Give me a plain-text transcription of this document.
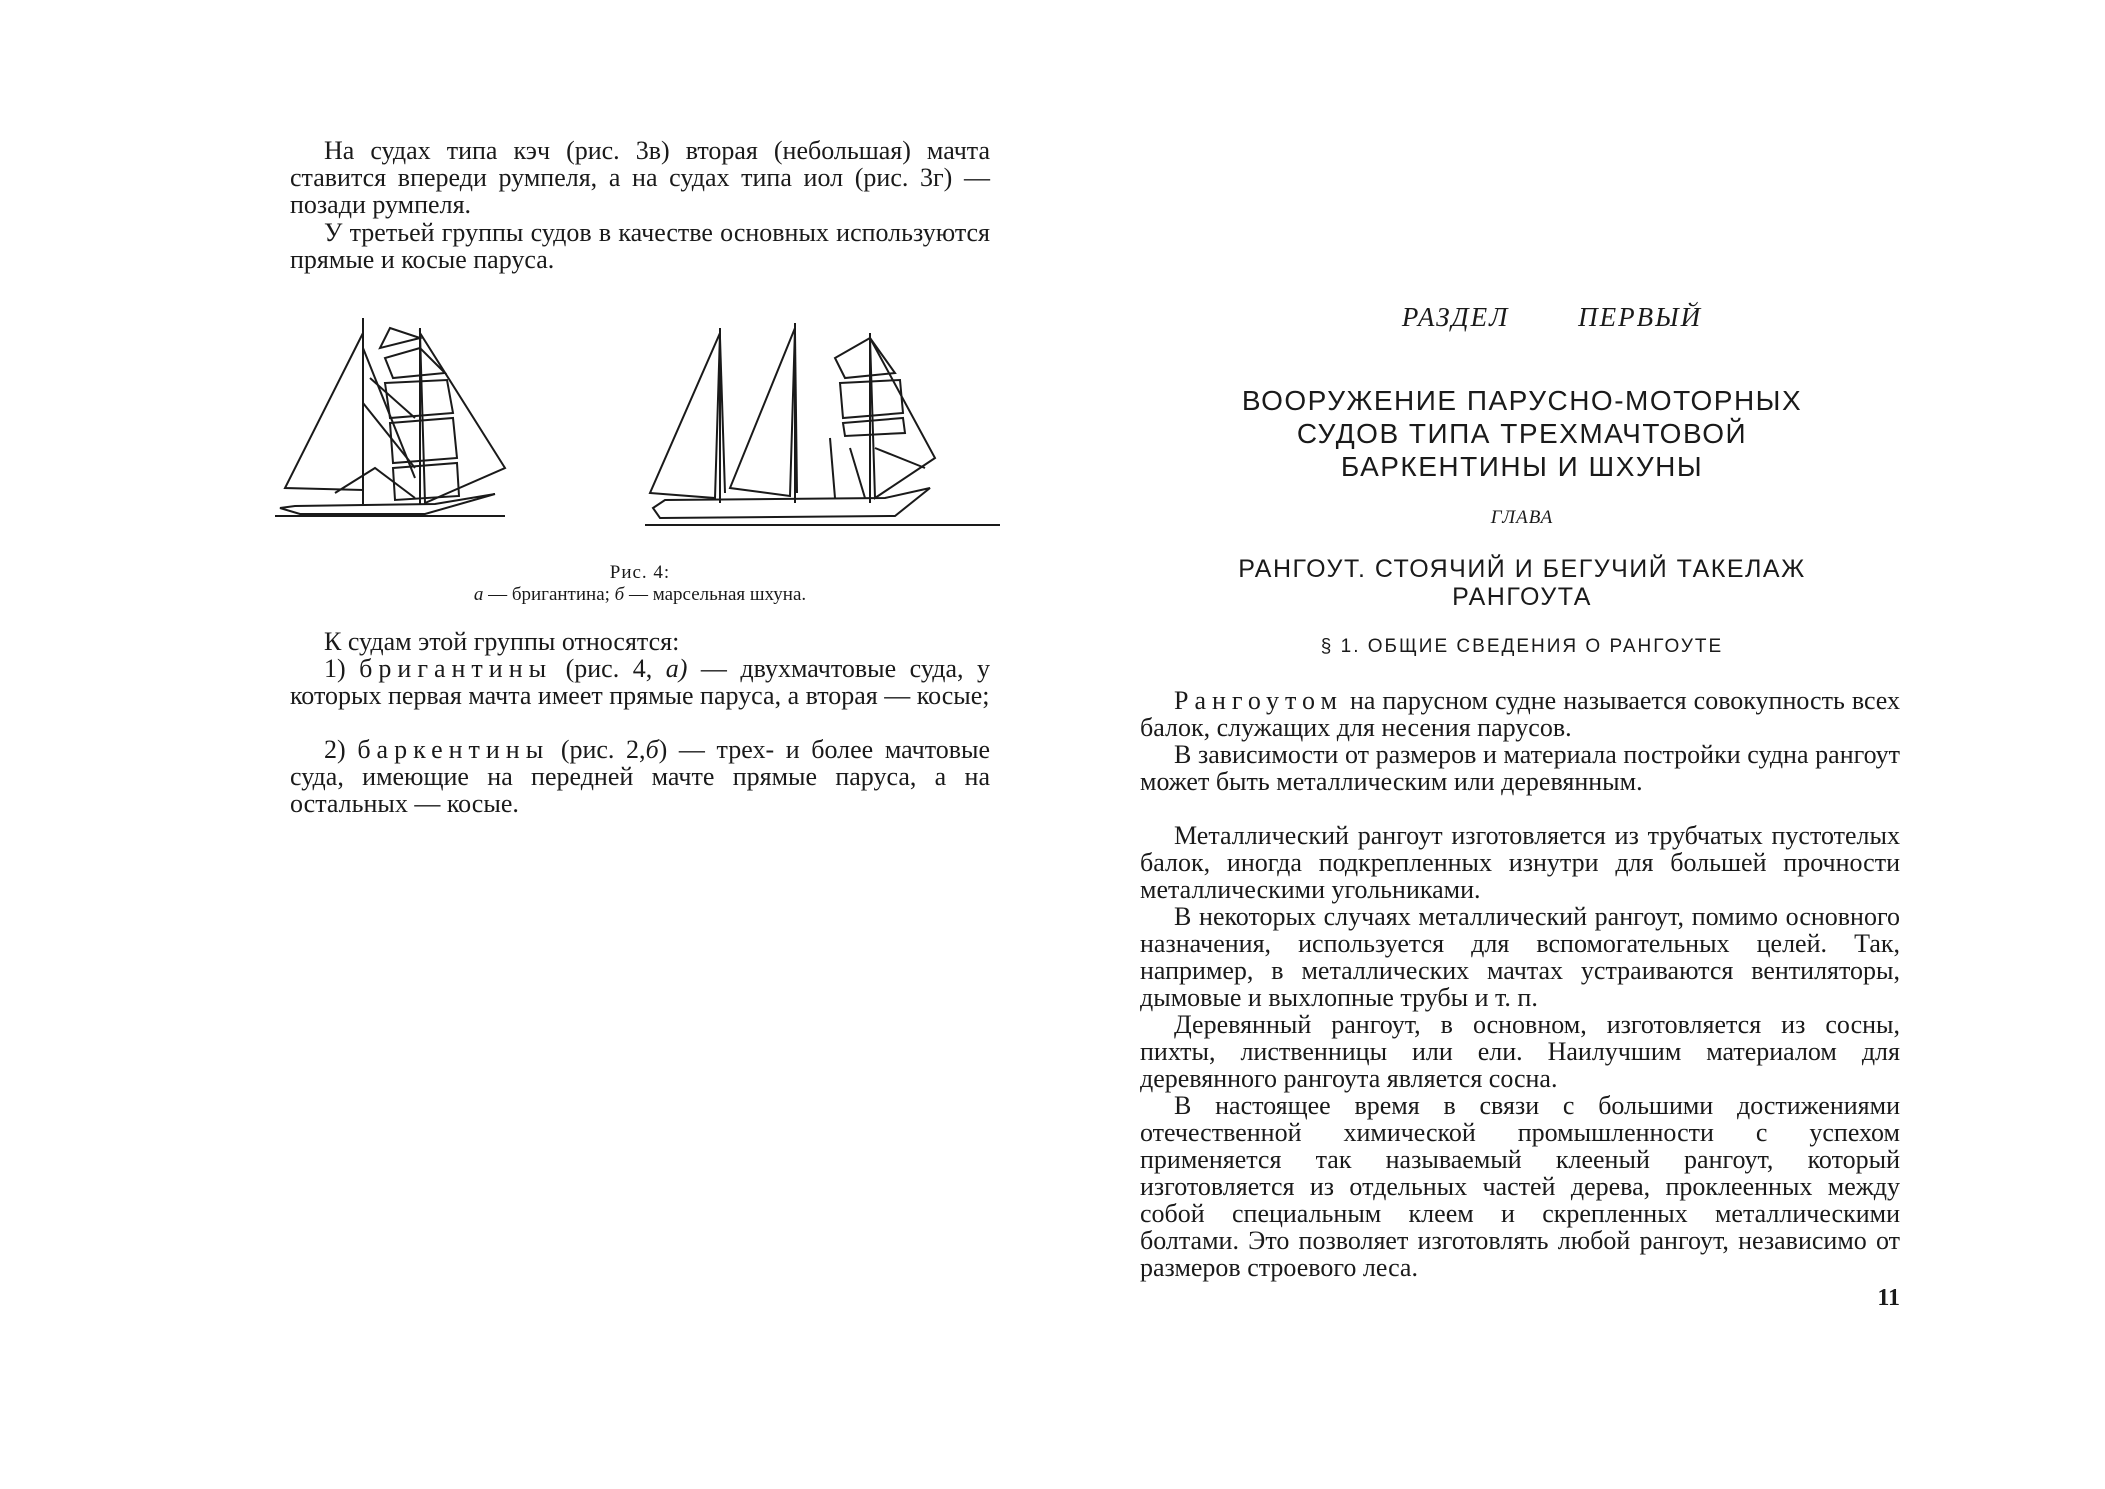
На судах типа кэч (рис. 3в) вторая (небольшая) мачта ставится впереди румпеля, а на судах типа иол (рис. 3г) — позади румпеля.

У третьей группы судов в качестве основных используются прямые и косые паруса.

Рис. 4:
а — бригантина; б — марсельная шхуна.

К судам этой группы относятся:

1) бригантины (рис. 4, а) — двухмачтовые суда, у которых первая мачта имеет прямые паруса, а вторая — косые;

2) баркентины (рис. 2,б) — трех- и более мачтовые суда, имеющие на передней мачте прямые паруса, а на остальных — косые.

РАЗДЕЛ ПЕРВЫЙ
ВООРУЖЕНИЕ ПАРУСНО-МОТОРНЫХ
СУДОВ ТИПА ТРЕХМАЧТОВОЙ
БАРКЕНТИНЫ И ШХУНЫ
ГЛАВА
РАНГОУТ. СТОЯЧИЙ И БЕГУЧИЙ ТАКЕЛАЖ
РАНГОУТА
§ 1. ОБЩИЕ СВЕДЕНИЯ О РАНГОУТЕ

Рангоутом на парусном судне называется совокупность всех балок, служащих для несения парусов.

В зависимости от размеров и материала постройки судна рангоут может быть металлическим или деревянным.

Металлический рангоут изготовляется из трубчатых пустотелых балок, иногда подкрепленных изнутри для большей прочности металлическими угольниками.

В некоторых случаях металлический рангоут, помимо основного назначения, используется для вспомогательных целей. Так, например, в металлических мачтах устраиваются вентиляторы, дымовые и выхлопные трубы и т. п.

Деревянный рангоут, в основном, изготовляется из сосны, пихты, лиственницы или ели. Наилучшим материалом для деревянного рангоута является сосна.

В настоящее время в связи с большими достижениями отечественной химической промышленности с успехом применяется так называемый клееный рангоут, который изготовляется из отдельных частей дерева, проклеенных между собой специальным клеем и скрепленных металлическими болтами. Это позволяет изготовлять любой рангоут, независимо от размеров строевого леса.

11
